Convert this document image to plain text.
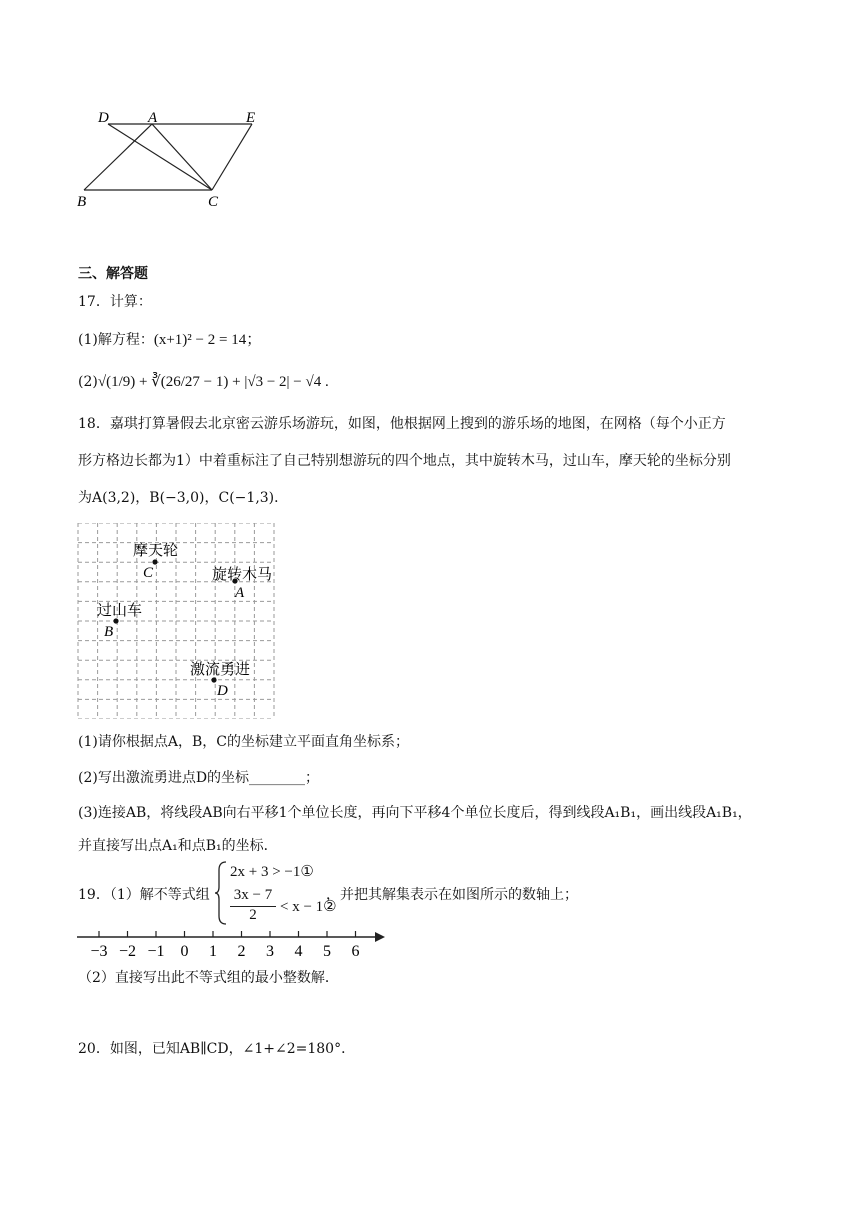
D	A	E
B	C
三、解答题
17．计算：
(1)解方程：(x+1)² − 2 = 14；
(2)√(1/9) + ∛(26/27 − 1) + |√3 − 2| − √4 .
18．嘉琪打算暑假去北京密云游乐场游玩，如图，他根据网上搜到的游乐场的地图，在网格（每个小正方
形方格边长都为1）中着重标注了自己特别想游玩的四个地点，其中旋转木马，过山车，摩天轮的坐标分别
为A(3,2)，B(−3,0)，C(−1,3)．
摩天轮
C	旋转木马
A
过山车
B
激流勇进
D
(1)请你根据点A，B，C的坐标建立平面直角坐标系；
(2)写出激流勇进点D的坐标________；
(3)连接AB，将线段AB向右平移1个单位长度，再向下平移4个单位长度后，得到线段A₁B₁，画出线段A₁B₁，
并直接写出点A₁和点B₁的坐标．
19．（1）解不等式组
2x + 3 > −1①
3x − 7
2	< x − 1②
，并把其解集表示在如图所示的数轴上；
−3 −2 −1 0 1 2 3 4 5 6
（2）直接写出此不等式组的最小整数解．
20．如图，已知AB∥CD，∠1+∠2=180°．
